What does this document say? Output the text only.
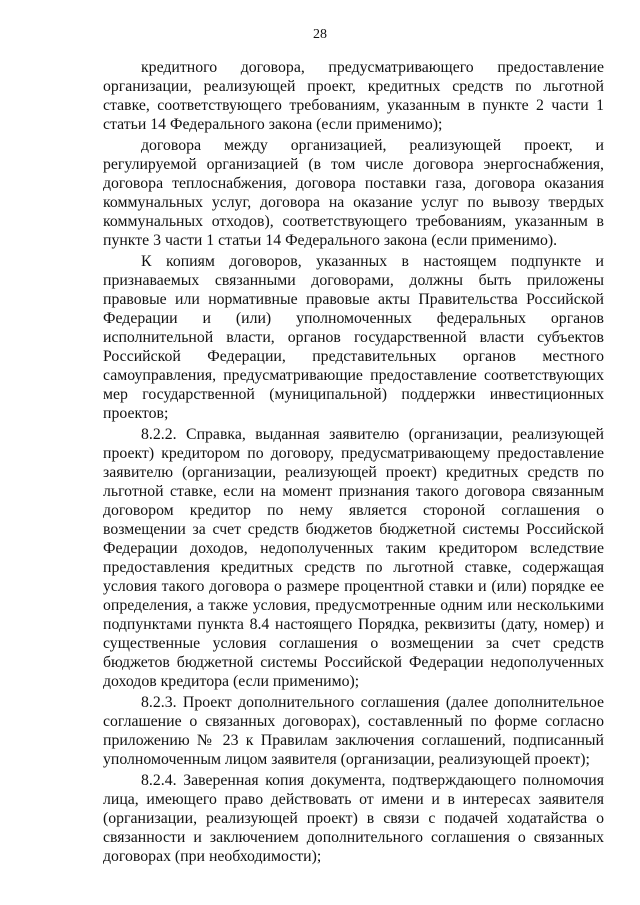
28

кредитного договора, предусматривающего предоставление организации, реализующей проект, кредитных средств по льготной ставке, соответствующего требованиям, указанным в пункте 2 части 1 статьи 14 Федерального закона (если применимо);

договора между организацией, реализующей проект, и регулируемой организацией (в том числе договора энергоснабжения, договора теплоснабжения, договора поставки газа, договора оказания коммунальных услуг, договора на оказание услуг по вывозу твердых коммунальных отходов), соответствующего требованиям, указанным в пункте 3 части 1 статьи 14 Федерального закона (если применимо).

К копиям договоров, указанных в настоящем подпункте и признаваемых связанными договорами, должны быть приложены правовые или нормативные правовые акты Правительства Российской Федерации и (или) уполномоченных федеральных органов исполнительной власти, органов государственной власти субъектов Российской Федерации, представительных органов местного самоуправления, предусматривающие предоставление соответствующих мер государственной (муниципальной) поддержки инвестиционных проектов;

8.2.2. Справка, выданная заявителю (организации, реализующей проект) кредитором по договору, предусматривающему предоставление заявителю (организации, реализующей проект) кредитных средств по льготной ставке, если на момент признания такого договора связанным договором кредитор по нему является стороной соглашения о возмещении за счет средств бюджетов бюджетной системы Российской Федерации доходов, недополученных таким кредитором вследствие предоставления кредитных средств по льготной ставке, содержащая условия такого договора о размере процентной ставки и (или) порядке ее определения, а также условия, предусмотренные одним или несколькими подпунктами пункта 8.4 настоящего Порядка, реквизиты (дату, номер) и существенные условия соглашения о возмещении за счет средств бюджетов бюджетной системы Российской Федерации недополученных доходов кредитора (если применимо);

8.2.3. Проект дополнительного соглашения (далее дополнительное соглашение о связанных договорах), составленный по форме согласно приложению № 23 к Правилам заключения соглашений, подписанный уполномоченным лицом заявителя (организации, реализующей проект);

8.2.4. Заверенная копия документа, подтверждающего полномочия лица, имеющего право действовать от имени и в интересах заявителя (организации, реализующей проект) в связи с подачей ходатайства о связанности и заключением дополнительного соглашения о связанных договорах (при необходимости);
